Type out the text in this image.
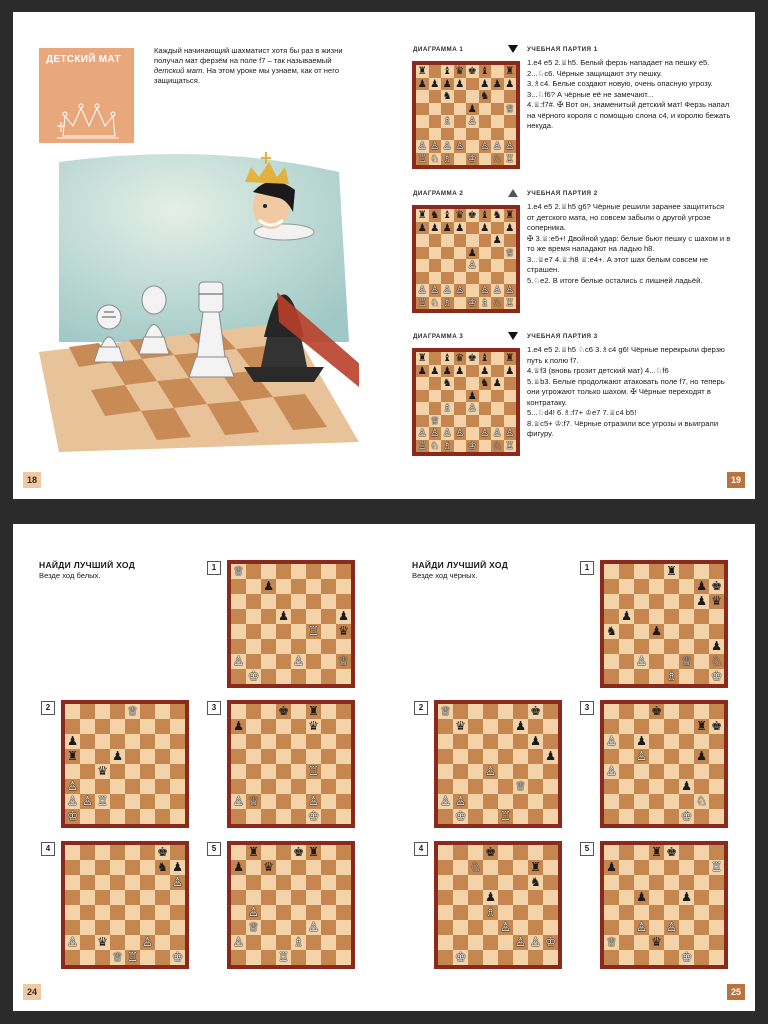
ДЕТСКИЙ МАТ
Каждый начинающий шахматист хотя бы раз в жизни получал мат ферзём на поле f7 – так называемый детский мат. На этом уроке мы узнаем, как от него защищаться.
18
ДИАГРАММА 1
♜ ♝ ♛ ♚ ♝ ♜
♟ ♟ ♟ ♟ ♟ ♟ ♟
♞	♞
♟	♕
♗ ♙
♙ ♙ ♙ ♙ ♙ ♙ ♙
♖ ♘ ♗ ♔ ♘ ♖
УЧЕБНАЯ ПАРТИЯ 1
1.e4 e5 2.♕h5. Белый ферзь нападает на пешку e5.
2...♘c6. Чёрные защищают эту пешку.
3.♗c4. Белые создают новую, очень опасную угрозу.
3...♘f6? А чёрные её не замечают...
4.♕:f7#. ✠ Вот он, знаменитый детский мат! Ферзь напал на чёрного короля с помощью слона c4, и королю бежать некуда.
ДИАГРАММА 2
♜ ♞ ♝ ♛ ♚ ♝ ♞ ♜
♟ ♟ ♟ ♟ ♟ ♟
♟
♟	♕
♙
♙ ♙ ♙ ♙ ♙ ♙ ♙
♖ ♘ ♗ ♔ ♗ ♘ ♖
УЧЕБНАЯ ПАРТИЯ 2
1.e4 e5 2.♕h5 g6? Чёрные решили заранее защититься от детского мата, но совсем забыли о другой угрозе соперника.
✠ 3.♕:e5+! Двойной удар: белые бьют пешку с шахом и в то же время нападают на ладью h8.
3...♕e7 4.♕:h8 ♕:e4+. А этот шах белым совсем не страшен.
5.♘e2. В итоге белые остались с лишней ладьёй.
ДИАГРАММА 3
♜ ♝ ♛ ♚ ♝ ♜
♟ ♟ ♟ ♟ ♟ ♟
♞	♞ ♟
♟
♗ ♙
♕
♙ ♙ ♙ ♙ ♙ ♙ ♙
♖ ♘ ♗ ♔ ♘ ♖
УЧЕБНАЯ ПАРТИЯ 3
1.e4 e5 2.♕h5 ♘c6 3.♗c4 g6! Чёрные перекрыли ферзю путь к полю f7.
4.♕f3 (вновь грозит детский мат) 4...♘f6
5.♕b3. Белые продолжают атаковать поле f7, но теперь они угрожают только шахом. ✠ Чёрные переходят в контратаку.
5...♘d4! 6.♗:f7+ ♔e7 7.♕c4 b5!
8.♕c5+ ♔:f7. Чёрные отразили все угрозы и выиграли фигуру.
19
НАЙДИ ЛУЧШИЙ ХОД
Везде ход белых.
НАЙДИ ЛУЧШИЙ ХОД
Везде ход чёрных.
1	♕
♟
♟	♟
♖ ♛
♙	♙	♕
♔
2	♕
♟
♜	♟
♛
♙
♙ ♙ ♖
♔
3	♚ ♜
♟	♛
♖
♙ ♕	♙
♔
4	♚
♞ ♟
♙
♙ ♛	♙
♕ ♖	♔
5	♜	♚ ♜
♟ ♛
♙
♕	♙
♙	♗
♖
1	♜
♟ ♚
♟ ♛
♟
♞	♟
♟
♙	♕ ♘
♗	♔
2	♕	♚
♛	♟
♟
♟
♙
♕
♙ ♙
♔	♖
3	♚
♜ ♚
♙ ♟
♙	♟
♙
♟
♘
♔
4	♚
♘	♜
♞
♟
♗
♙
♙ ♙ ♔
♔
5	♜ ♚
♟	♖
♟	♟
♙ ♙
♕	♛
♔
24	25
